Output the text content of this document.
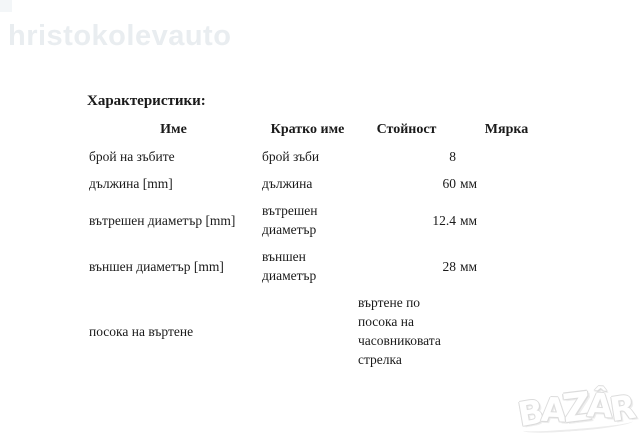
hristokolevauto
Характеристики:
Име	Кратко име	Стойност	Мярка
брой на зъбите	брой зъби	8	
дължина [mm]	дължина	60	мм
вътрешен диаметър [mm]	вътрешен диаметър	12.4	мм
външен диаметър [mm]	външен диаметър	28	мм
посока на въртене		въртене по посока на часовниковата стрелка	
BAZÂR
